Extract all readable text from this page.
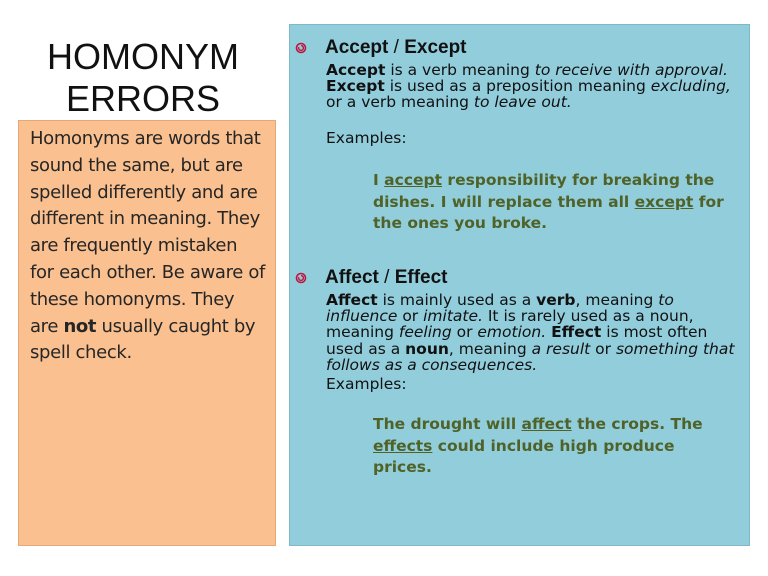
HOMONYM
ERRORS
Homonyms are words that sound the same, but are spelled differently and are different in meaning. They are frequently mistaken for each other. Be aware of these homonyms. They are not usually caught by spell check.
Accept / Except
Accept is a verb meaning to receive with approval. Except is used as a preposition meaning excluding, or a verb meaning to leave out.
Examples:
I accept responsibility for breaking the dishes. I will replace them all except for the ones you broke.
Affect / Effect
Affect is mainly used as a verb, meaning to influence or imitate. It is rarely used as a noun, meaning feeling or emotion. Effect is most often used as a noun, meaning a result or something that follows as a consequences.
Examples:
The drought will affect the crops. The effects could include high produce prices.
